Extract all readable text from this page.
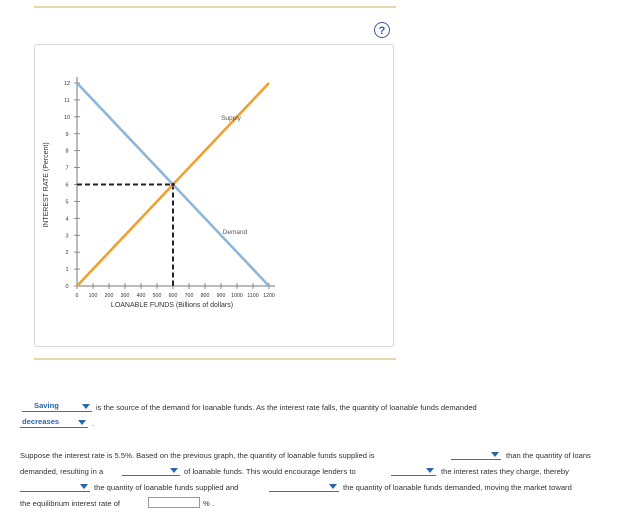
?
0
1
2
3
4
5
6
7
8
9
10
11
12
0 100 200 300 400 500 600 700 800 900 1000 1100 1200
Supply
Demand
INTEREST RATE (Percent)
LOANABLE FUNDS (Billions of dollars)
Saving	is the source of the demand for loanable funds. As the interest rate falls, the quantity of loanable funds demanded
decreases	.
Suppose the interest rate is 5.5%. Based on the previous graph, the quantity of loanable funds supplied is	than the quantity of loans
demanded, resulting in a	of loanable funds. This would encourage lenders to	the interest rates they charge, thereby
the quantity of loanable funds supplied and	the quantity of loanable funds demanded, moving the market toward
the equilibrium interest rate of	% .
